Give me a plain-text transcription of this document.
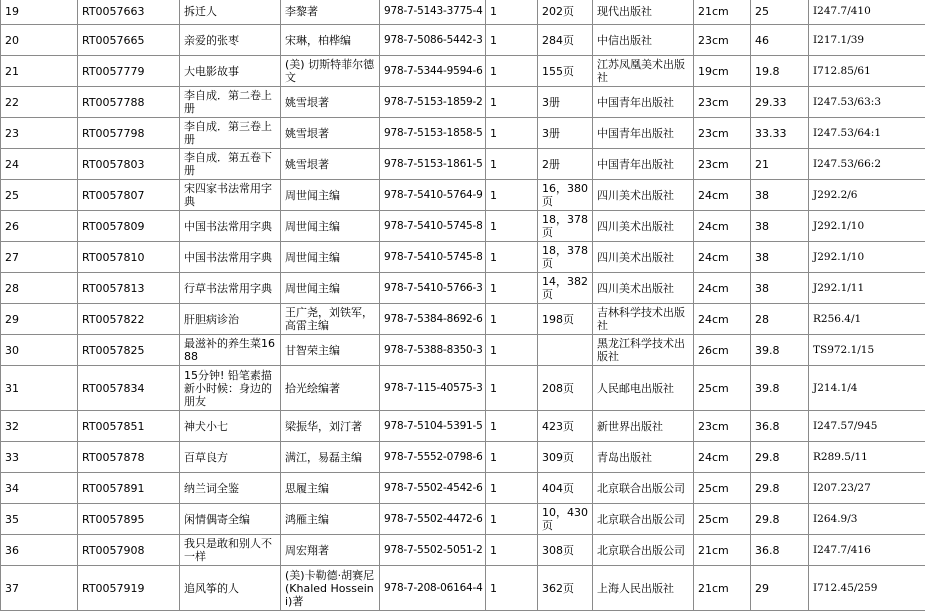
19	RT0057663	拆迁人	李黎著	978-7-5143-3775-4	1	202页	现代出版社	21cm	25	I247.7/410
20	RT0057665	亲爱的张枣	宋琳，柏桦编	978-7-5086-5442-3	1	284页	中信出版社	23cm	46	I217.1/39
21	RT0057779	大电影故事	(美) 切斯特菲尔德文	978-7-5344-9594-6	1	155页	江苏凤凰美术出版社	19cm	19.8	I712.85/61
22	RT0057788	李自成．第二卷上册	姚雪垠著	978-7-5153-1859-2	1	3册	中国青年出版社	23cm	29.33	I247.53/63:3
23	RT0057798	李自成．第三卷上册	姚雪垠著	978-7-5153-1858-5	1	3册	中国青年出版社	23cm	33.33	I247.53/64:1
24	RT0057803	李自成．第五卷下册	姚雪垠著	978-7-5153-1861-5	1	2册	中国青年出版社	23cm	21	I247.53/66:2
25	RT0057807	宋四家书法常用字典	周世闻主编	978-7-5410-5764-9	1	16，380页	四川美术出版社	24cm	38	J292.2/6
26	RT0057809	中国书法常用字典	周世闻主编	978-7-5410-5745-8	1	18，378页	四川美术出版社	24cm	38	J292.1/10
27	RT0057810	中国书法常用字典	周世闻主编	978-7-5410-5745-8	1	18，378页	四川美术出版社	24cm	38	J292.1/10
28	RT0057813	行草书法常用字典	周世闻主编	978-7-5410-5766-3	1	14，382页	四川美术出版社	24cm	38	J292.1/11
29	RT0057822	肝胆病诊治	王广尧，刘铁军，高雷主编	978-7-5384-8692-6	1	198页	吉林科学技术出版社	24cm	28	R256.4/1
30	RT0057825	最滋补的养生菜1688	甘智荣主编	978-7-5388-8350-3	1		黑龙江科学技术出版社	26cm	39.8	TS972.1/15
31	RT0057834	15分钟! 铅笔素描新小时候：身边的朋友	拾光绘编著	978-7-115-40575-3	1	208页	人民邮电出版社	25cm	39.8	J214.1/4
32	RT0057851	神犬小七	梁振华，刘汀著	978-7-5104-5391-5	1	423页	新世界出版社	23cm	36.8	I247.57/945
33	RT0057878	百草良方	满江，易磊主编	978-7-5552-0798-6	1	309页	青岛出版社	24cm	29.8	R289.5/11
34	RT0057891	纳兰词全鉴	思履主编	978-7-5502-4542-6	1	404页	北京联合出版公司	25cm	29.8	I207.23/27
35	RT0057895	闲情偶寄全编	鸿雁主编	978-7-5502-4472-6	1	10，430页	北京联合出版公司	25cm	29.8	I264.9/3
36	RT0057908	我只是敢和别人不一样	周宏翔著	978-7-5502-5051-2	1	308页	北京联合出版公司	21cm	36.8	I247.7/416
37	RT0057919	追风筝的人	(美)卡勒德·胡赛尼(Khaled Hosseini)著	978-7-208-06164-4	1	362页	上海人民出版社	21cm	29	I712.45/259
